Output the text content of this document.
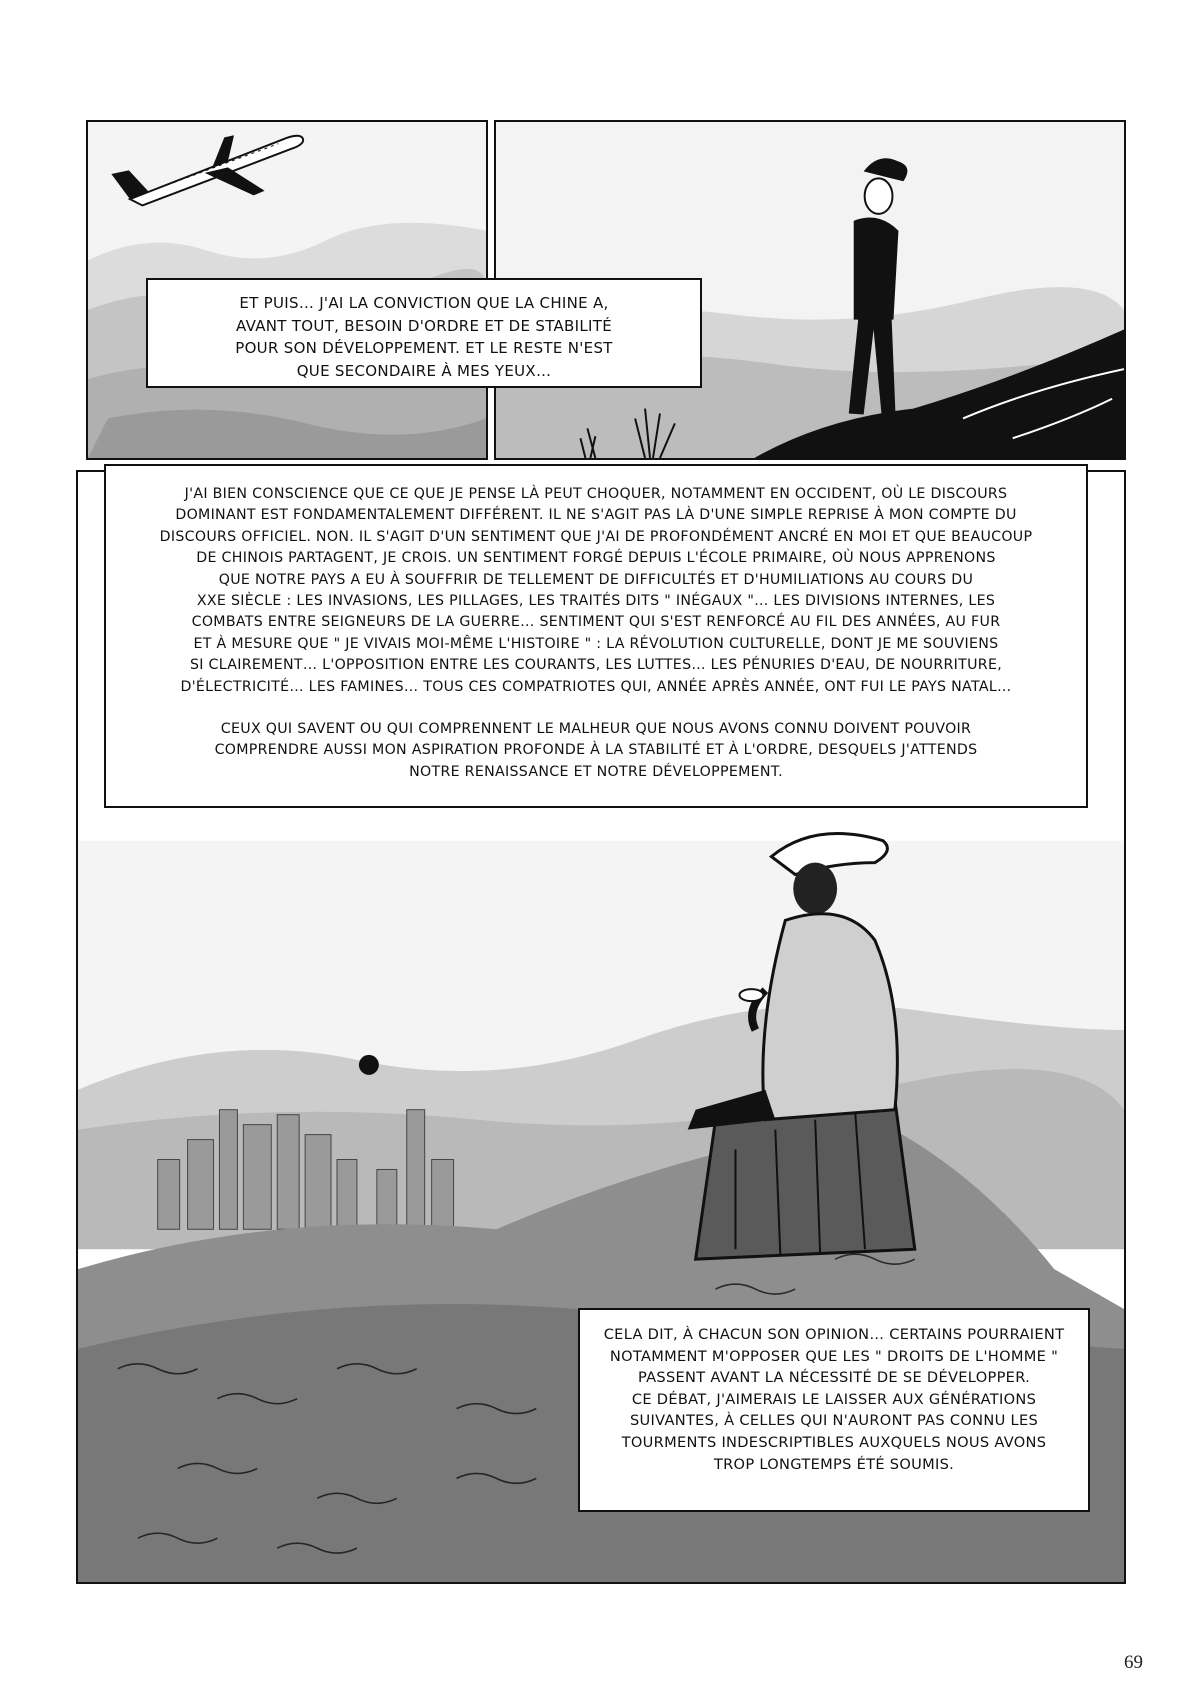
ET PUIS… J'AI LA CONVICTION QUE LA CHINE A,
AVANT TOUT, BESOIN D'ORDRE ET DE STABILITÉ
POUR SON DÉVELOPPEMENT. ET LE RESTE N'EST
QUE SECONDAIRE À MES YEUX…

J'AI BIEN CONSCIENCE QUE CE QUE JE PENSE LÀ PEUT CHOQUER, NOTAMMENT EN OCCIDENT, OÙ LE DISCOURS
DOMINANT EST FONDAMENTALEMENT DIFFÉRENT. IL NE S'AGIT PAS LÀ D'UNE SIMPLE REPRISE À MON COMPTE DU
DISCOURS OFFICIEL. NON. IL S'AGIT D'UN SENTIMENT QUE J'AI DE PROFONDÉMENT ANCRÉ EN MOI ET QUE BEAUCOUP
DE CHINOIS PARTAGENT, JE CROIS. UN SENTIMENT FORGÉ DEPUIS L'ÉCOLE PRIMAIRE, OÙ NOUS APPRENONS
QUE NOTRE PAYS A EU À SOUFFRIR DE TELLEMENT DE DIFFICULTÉS ET D'HUMILIATIONS AU COURS DU
XXE SIÈCLE : LES INVASIONS, LES PILLAGES, LES TRAITÉS DITS " INÉGAUX "… LES DIVISIONS INTERNES, LES
COMBATS ENTRE SEIGNEURS DE LA GUERRE… SENTIMENT QUI S'EST RENFORCÉ AU FIL DES ANNÉES, AU FUR
ET À MESURE QUE " JE VIVAIS MOI-MÊME L'HISTOIRE " : LA RÉVOLUTION CULTURELLE, DONT JE ME SOUVIENS
SI CLAIREMENT… L'OPPOSITION ENTRE LES COURANTS, LES LUTTES… LES PÉNURIES D'EAU, DE NOURRITURE,
D'ÉLECTRICITÉ… LES FAMINES… TOUS CES COMPATRIOTES QUI, ANNÉE APRÈS ANNÉE, ONT FUI LE PAYS NATAL…

CEUX QUI SAVENT OU QUI COMPRENNENT LE MALHEUR QUE NOUS AVONS CONNU DOIVENT POUVOIR
COMPRENDRE AUSSI MON ASPIRATION PROFONDE À LA STABILITÉ ET À L'ORDRE, DESQUELS J'ATTENDS
NOTRE RENAISSANCE ET NOTRE DÉVELOPPEMENT.

CELA DIT, À CHACUN SON OPINION… CERTAINS POURRAIENT
NOTAMMENT M'OPPOSER QUE LES " DROITS DE L'HOMME "
PASSENT AVANT LA NÉCESSITÉ DE SE DÉVELOPPER.
CE DÉBAT, J'AIMERAIS LE LAISSER AUX GÉNÉRATIONS
SUIVANTES, À CELLES QUI N'AURONT PAS CONNU LES
TOURMENTS INDESCRIPTIBLES AUXQUELS NOUS AVONS
TROP LONGTEMPS ÉTÉ SOUMIS.

69
